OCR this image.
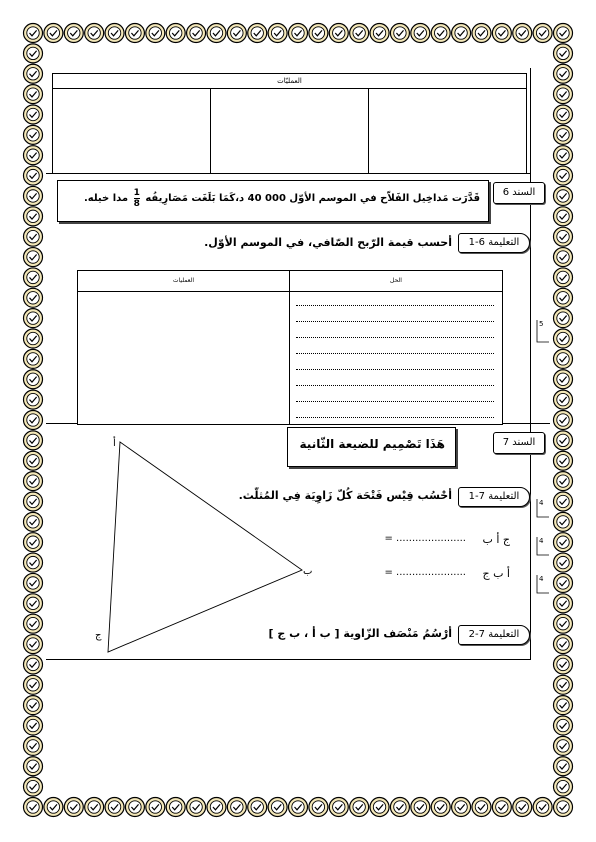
العمليّات
قَدَّرَت مَداخِيل الفَلاّح في الموسم الأوّل 000 40 د،كَمَا بَلَغَت مَصَارِيفُه
$\frac{1}{8}$
مدا خيله.
السند 6
التعليمة 6-1
أحسب قيمة الرّبح الصّافي، في الموسم الأوّل.
العمليات	الحل
5
هَذَا تَصْمِيم للضيعة الثّانية	السند 7
التعليمة 7-1
أحْسُب قِيْس فَتْحَة كُلّ زَاوِيَة فِي المُثلّث.
ج أ ب
= ......................
أ ب ج
= ......................
التعليمة 7-2
أرْسُمُ مَنْصَف الزّاوية [ ب أ ، ب ج ]
أ
ب
ج
4
4
4
